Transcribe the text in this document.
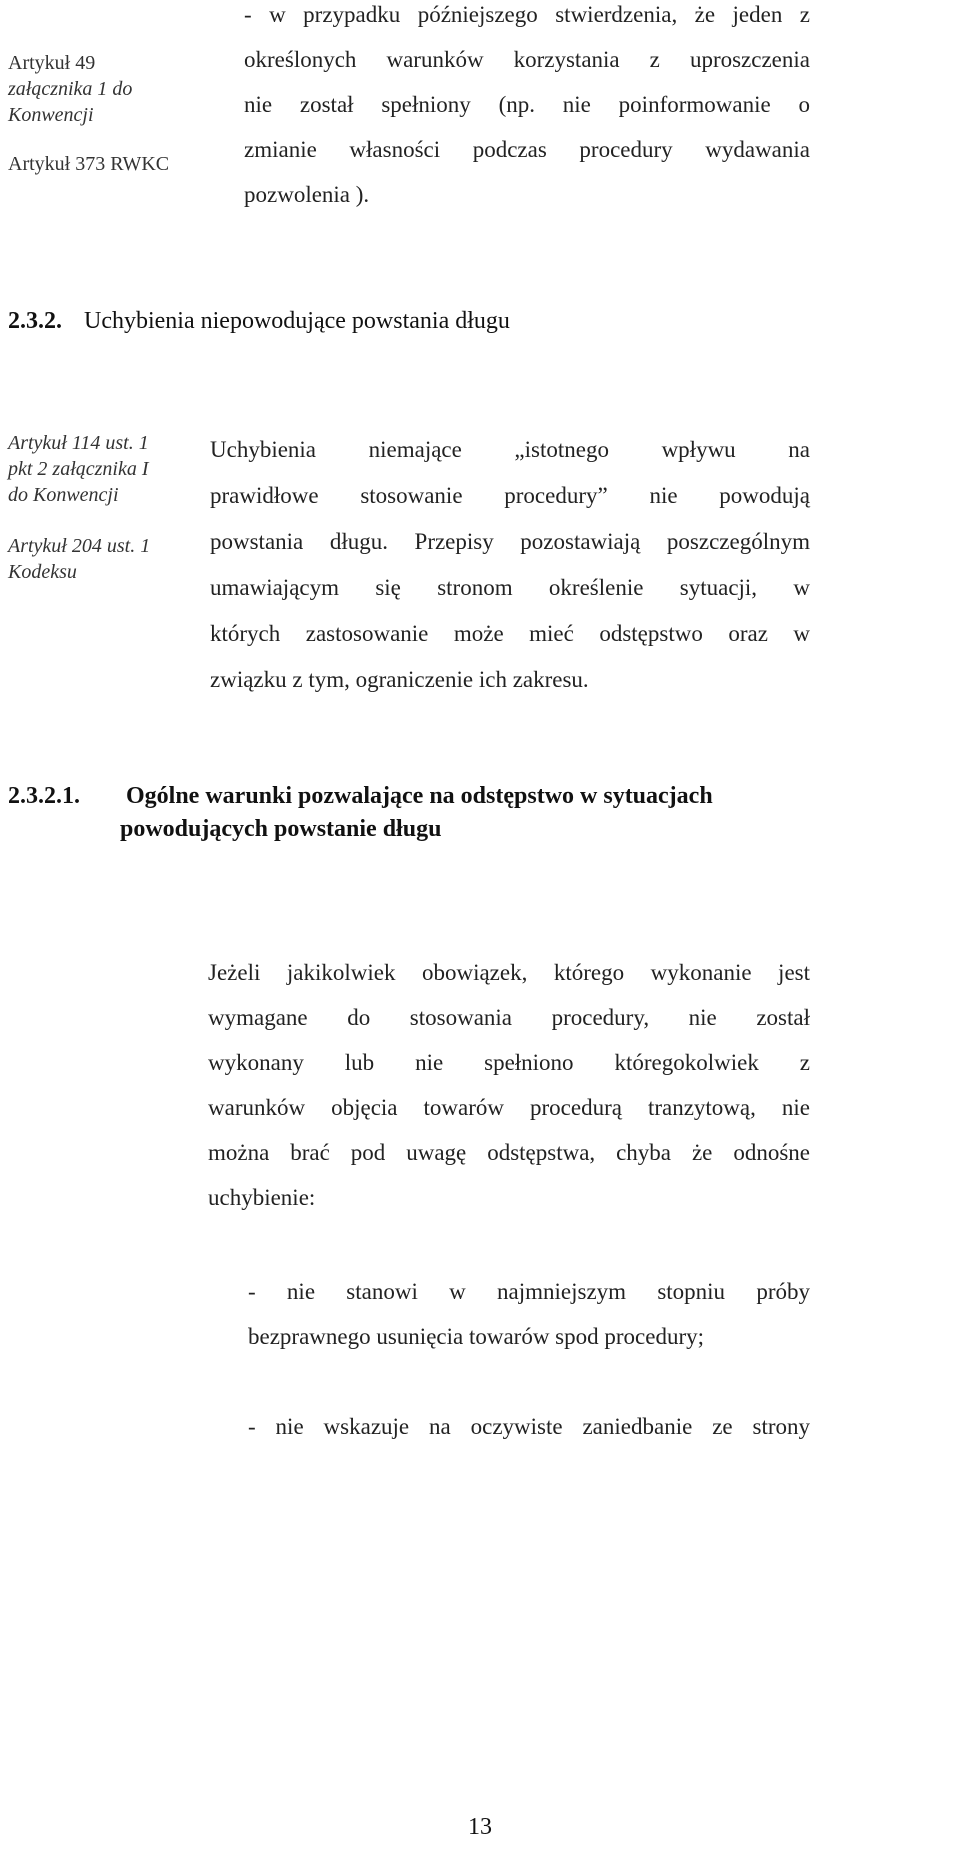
Artykuł 49
załącznika 1 do
Konwencji
Artykuł 373 RWKC
Artykuł 114 ust. 1
pkt 2 załącznika I
do Konwencji
Artykuł 204 ust. 1
Kodeksu
- w przypadku późniejszego stwierdzenia, że jeden z
określonych warunków korzystania z uproszczenia
nie został spełniony (np. nie poinformowanie o
zmianie własności podczas procedury wydawania
pozwolenia ).
2.3.2. Uchybienia niepowodujące powstania długu
Uchybienia niemające „istotnego wpływu na
prawidłowe stosowanie procedury” nie powodują
powstania długu. Przepisy pozostawiają poszczególnym
umawiającym się stronom określenie sytuacji, w
których zastosowanie może mieć odstępstwo oraz w
związku z tym, ograniczenie ich zakresu.
2.3.2.1. Ogólne warunki pozwalające na odstępstwo w sytuacjach
powodujących powstanie długu
Jeżeli jakikolwiek obowiązek, którego wykonanie jest
wymagane do stosowania procedury, nie został
wykonany lub nie spełniono któregokolwiek z
warunków objęcia towarów procedurą tranzytową, nie
można brać pod uwagę odstępstwa, chyba że odnośne
uchybienie:
- nie stanowi w najmniejszym stopniu próby
bezprawnego usunięcia towarów spod procedury;
- nie wskazuje na oczywiste zaniedbanie ze strony
13
